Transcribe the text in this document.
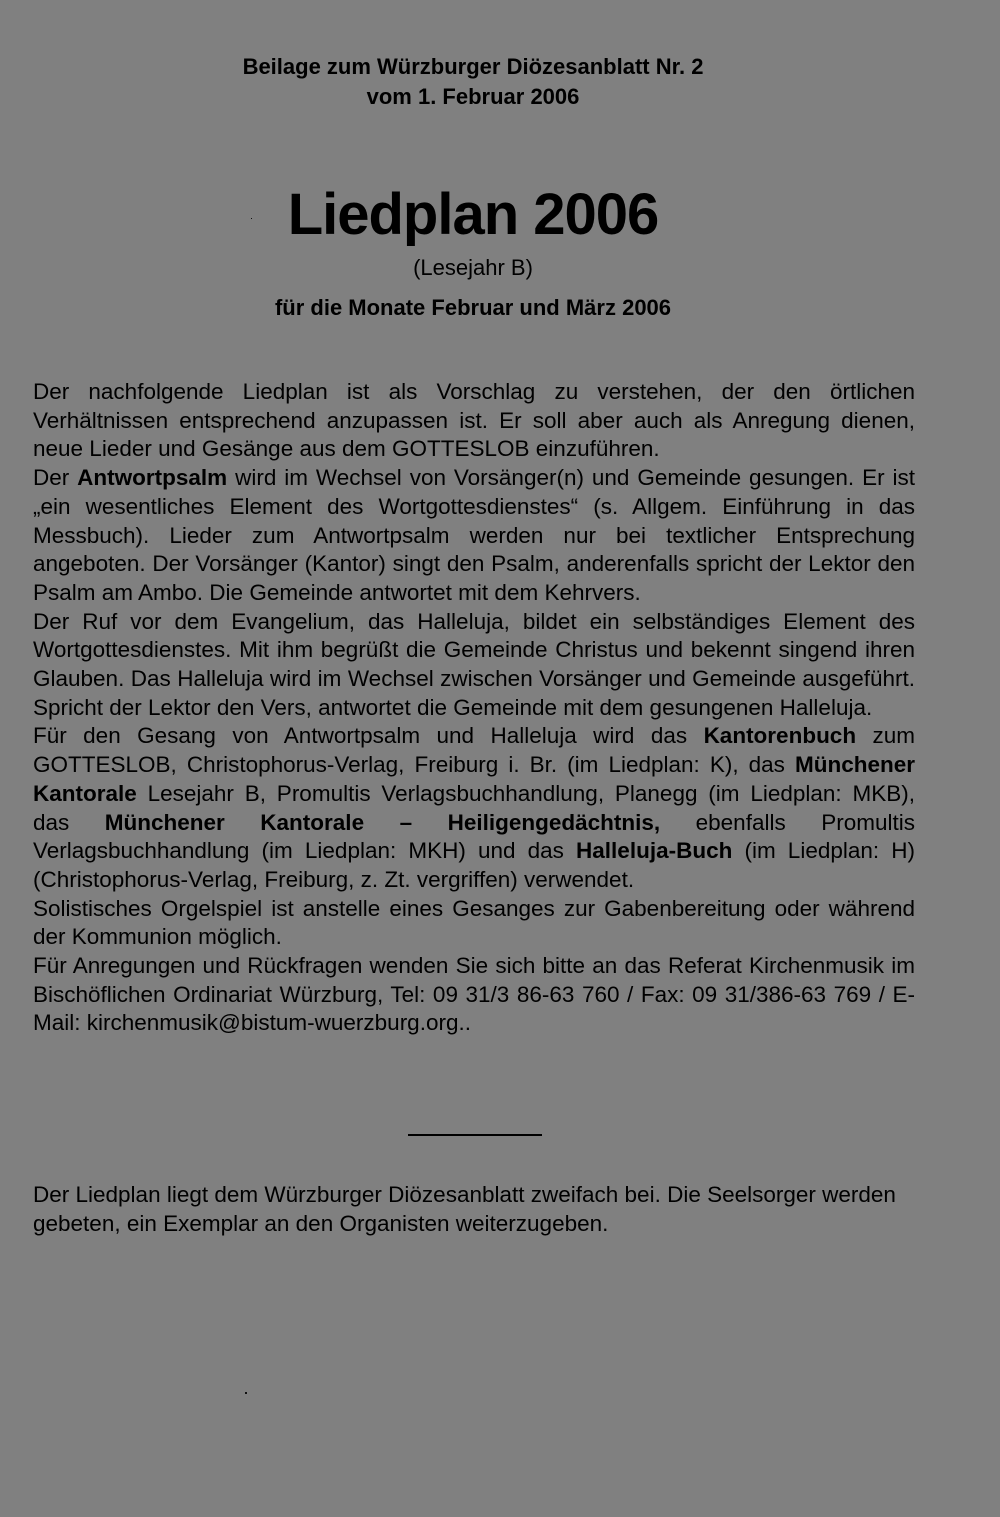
Beilage zum Würzburger Diözesanblatt Nr. 2
vom 1. Februar 2006
Liedplan 2006
(Lesejahr B)
für die Monate Februar und März 2006

Der nachfolgende Liedplan ist als Vorschlag zu verstehen, der den örtlichen Verhältnissen entsprechend anzupassen ist. Er soll aber auch als Anregung dienen, neue Lieder und Gesänge aus dem GOTTESLOB einzuführen.

Der Antwortpsalm wird im Wechsel von Vorsänger(n) und Gemeinde gesungen. Er ist „ein wesentliches Element des Wortgottesdienstes“ (s. Allgem. Einführung in das Messbuch). Lieder zum Antwortpsalm werden nur bei textlicher Entsprechung angeboten. Der Vorsänger (Kantor) singt den Psalm, anderenfalls spricht der Lektor den Psalm am Ambo. Die Gemeinde antwortet mit dem Kehrvers.

Der Ruf vor dem Evangelium, das Halleluja, bildet ein selbständiges Element des Wortgottesdienstes. Mit ihm begrüßt die Gemeinde Christus und bekennt singend ihren Glauben. Das Halleluja wird im Wechsel zwischen Vorsänger und Gemeinde ausgeführt. Spricht der Lektor den Vers, antwortet die Gemeinde mit dem gesungenen Halleluja.

Für den Gesang von Antwortpsalm und Halleluja wird das Kantorenbuch zum GOTTESLOB, Christophorus-Verlag, Freiburg i. Br. (im Liedplan: K), das Münchener Kantorale Lesejahr B, Promultis Verlagsbuchhandlung, Planegg (im Liedplan: MKB), das Münchener Kantorale – Heiligengedächtnis, ebenfalls Promultis Verlagsbuchhandlung (im Liedplan: MKH) und das Halleluja-Buch (im Liedplan: H) (Christophorus-Verlag, Freiburg, z. Zt. vergriffen) verwendet.

Solistisches Orgelspiel ist anstelle eines Gesanges zur Gabenbereitung oder während der Kommunion möglich.

Für Anregungen und Rückfragen wenden Sie sich bitte an das Referat Kirchenmusik im Bischöflichen Ordinariat Würzburg, Tel: 09 31/3 86-63 760 / Fax: 09 31/386-63 769 / E-Mail: kirchenmusik@bistum-wuerzburg.org..

Der Liedplan liegt dem Würzburger Diözesanblatt zweifach bei. Die Seelsorger werden gebeten, ein Exemplar an den Organisten weiterzugeben.
